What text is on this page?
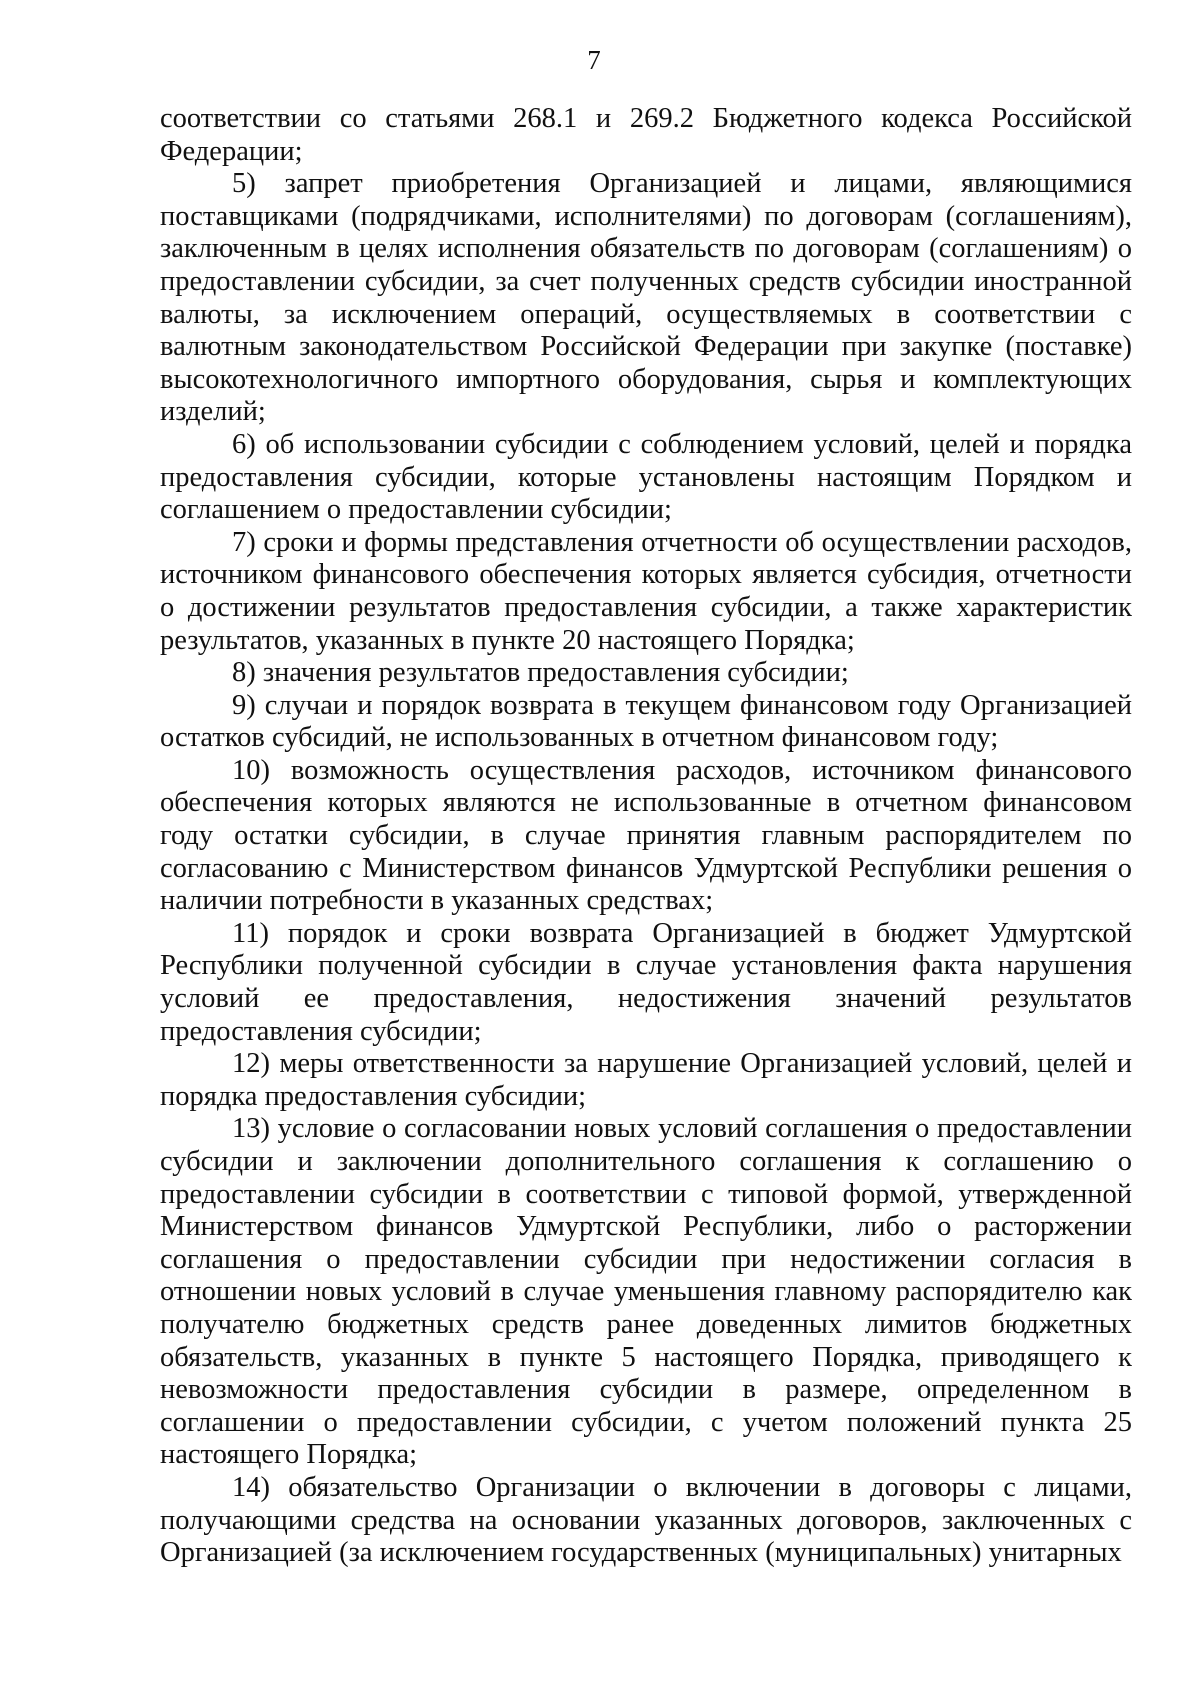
7

соответствии со статьями 268.1 и 269.2 Бюджетного кодекса Российской Федерации;

5) запрет приобретения Организацией и лицами, являющимися поставщиками (подрядчиками, исполнителями) по договорам (соглашениям), заключенным в целях исполнения обязательств по договорам (соглашениям) о предоставлении субсидии, за счет полученных средств субсидии иностранной валюты, за исключением операций, осуществляемых в соответствии с валютным законодательством Российской Федерации при закупке (поставке) высокотехнологичного импортного оборудования, сырья и комплектующих изделий;

6) об использовании субсидии с соблюдением условий, целей и порядка предоставления субсидии, которые установлены настоящим Порядком и соглашением о предоставлении субсидии;

7) сроки и формы представления отчетности об осуществлении расходов, источником финансового обеспечения которых является субсидия, отчетности о достижении результатов предоставления субсидии, а также характеристик результатов, указанных в пункте 20 настоящего Порядка;

8) значения результатов предоставления субсидии;

9) случаи и порядок возврата в текущем финансовом году Организацией остатков субсидий, не использованных в отчетном финансовом году;

10) возможность осуществления расходов, источником финансового обеспечения которых являются не использованные в отчетном финансовом году остатки субсидии, в случае принятия главным распорядителем по согласованию с Министерством финансов Удмуртской Республики решения о наличии потребности в указанных средствах;

11) порядок и сроки возврата Организацией в бюджет Удмуртской Республики полученной субсидии в случае установления факта нарушения условий ее предоставления, недостижения значений результатов предоставления субсидии;

12) меры ответственности за нарушение Организацией условий, целей и порядка предоставления субсидии;

13) условие о согласовании новых условий соглашения о предоставлении субсидии и заключении дополнительного соглашения к соглашению о предоставлении субсидии в соответствии с типовой формой, утвержденной Министерством финансов Удмуртской Республики, либо о расторжении соглашения о предоставлении субсидии при недостижении согласия в отношении новых условий в случае уменьшения главному распорядителю как получателю бюджетных средств ранее доведенных лимитов бюджетных обязательств, указанных в пункте 5 настоящего Порядка, приводящего к невозможности предоставления субсидии в размере, определенном в соглашении о предоставлении субсидии, с учетом положений пункта 25 настоящего Порядка;

14) обязательство Организации о включении в договоры с лицами, получающими средства на основании указанных договоров, заключенных с Организацией (за исключением государственных (муниципальных) унитарных
